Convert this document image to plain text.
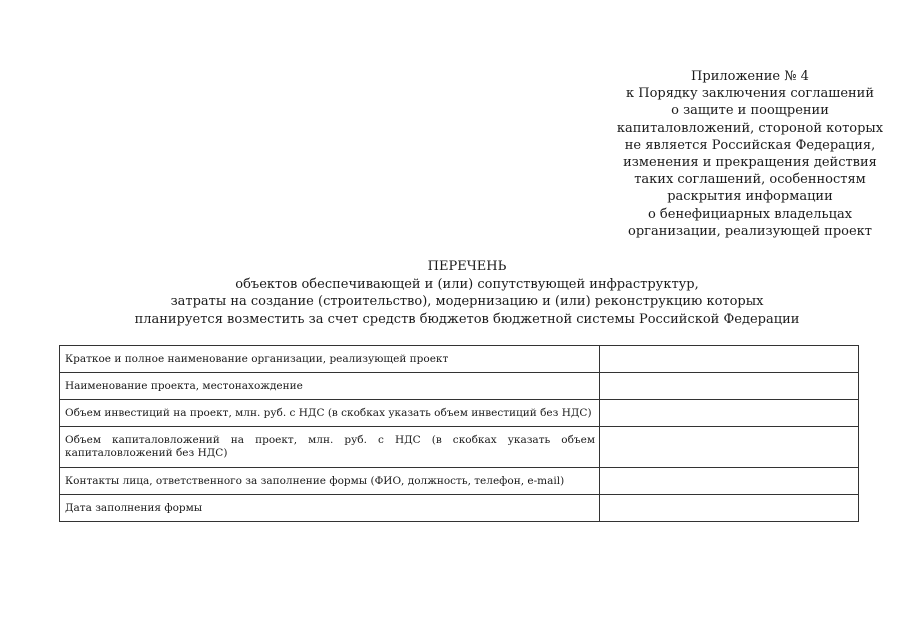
Приложение № 4
к Порядку заключения соглашений
о защите и поощрении
капиталовложений, стороной которых
не является Российская Федерация,
изменения и прекращения действия
таких соглашений, особенностям
раскрытия информации
о бенефициарных владельцах
организации, реализующей проект
ПЕРЕЧЕНЬ
объектов обеспечивающей и (или) сопутствующей инфраструктур,
затраты на создание (строительство), модернизацию и (или) реконструкцию которых
планируется возместить за счет средств бюджетов бюджетной системы Российской Федерации
Краткое и полное наименование организации, реализующей проект	
Наименование проекта, местонахождение	
Объем инвестиций на проект, млн. руб. с НДС (в скобках указать объем инвестиций без НДС)	
Объем капиталовложений на проект, млн. руб. с НДС (в скобках указать объем капиталовложений без НДС)	
Контакты лица, ответственного за заполнение формы (ФИО, должность, телефон, e-mail)	
Дата заполнения формы	
